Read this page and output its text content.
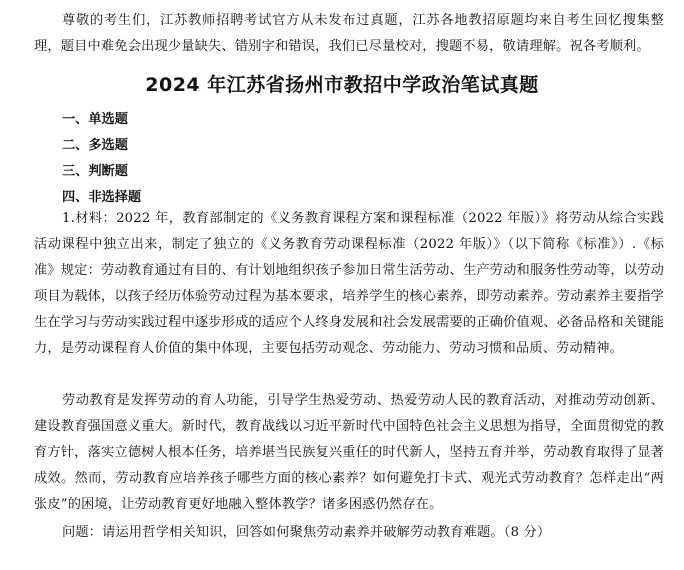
尊敬的考生们，江苏教师招聘考试官方从未发布过真题，江苏各地教招原题均来自考生回忆搜集整理，题目中难免会出现少量缺失、错别字和错误，我们已尽量校对，搜题不易，敬请理解。祝各考顺利。

2024 年江苏省扬州市教招中学政治笔试真题
一、单选题
二、多选题
三、判断题
四、非选择题

1.材料：2022 年，教育部制定的《义务教育课程方案和课程标准（2022 年版）》将劳动从综合实践活动课程中独立出来，制定了独立的《义务教育劳动课程标准（2022 年版）》（以下简称《标准》）.《标准》规定：劳动教育通过有目的、有计划地组织孩子参加日常生活劳动、生产劳动和服务性劳动等，以劳动项目为载体，以孩子经历体验劳动过程为基本要求，培养学生的核心素养，即劳动素养。劳动素养主要指学生在学习与劳动实践过程中逐步形成的适应个人终身发展和社会发展需要的正确价值观、必备品格和关键能力，是劳动课程育人价值的集中体现，主要包括劳动观念、劳动能力、劳动习惯和品质、劳动精神。

劳动教育是发挥劳动的育人功能，引导学生热爱劳动、热爱劳动人民的教育活动，对推动劳动创新、建设教育强国意义重大。新时代，教育战线以习近平新时代中国特色社会主义思想为指导，全面贯彻党的教育方针，落实立德树人根本任务，培养堪当民族复兴重任的时代新人，坚持五育并举，劳动教育取得了显著成效。然而，劳动教育应培养孩子哪些方面的核心素养？如何避免打卡式、观光式劳动教育？怎样走出“两张皮”的困境，让劳动教育更好地融入整体教学？诸多困惑仍然存在。

问题：请运用哲学相关知识，回答如何聚焦劳动素养并破解劳动教育难题。（8 分）
